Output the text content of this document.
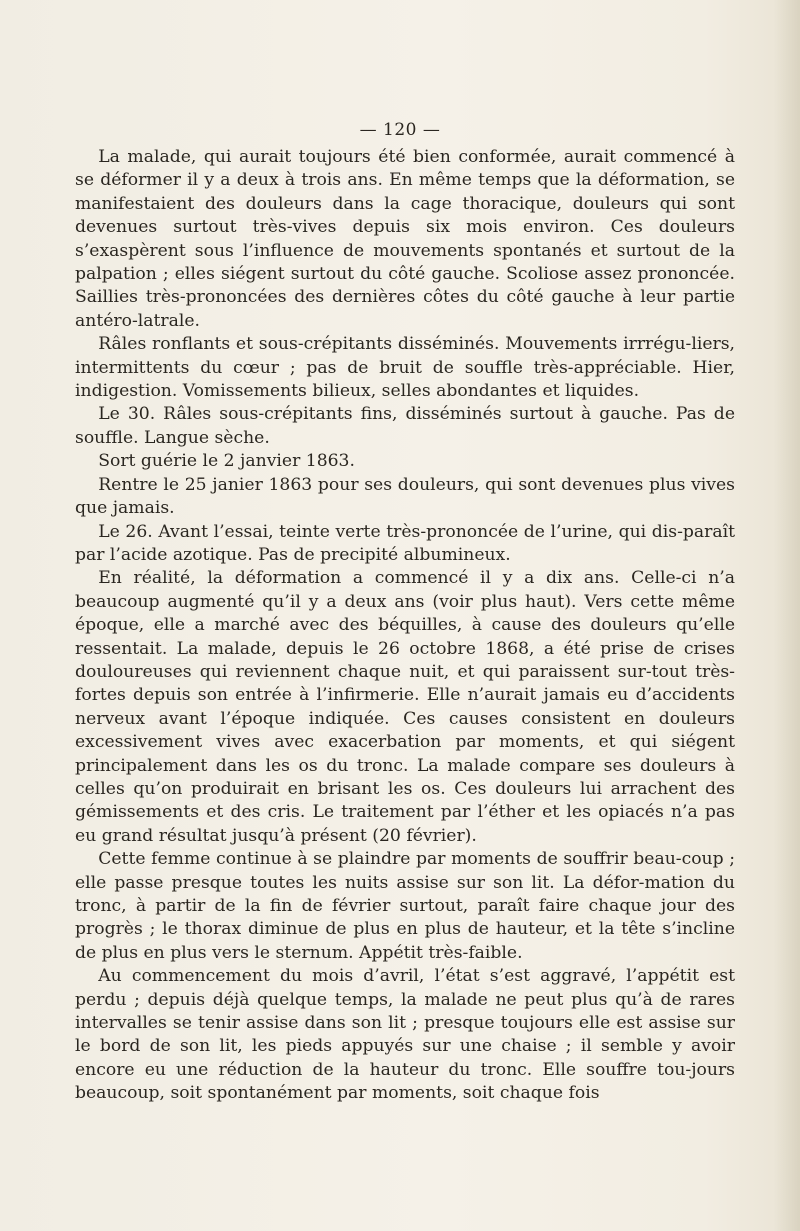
— 120 —

La malade, qui aurait toujours été bien conformée, aurait commencé à se déformer il y a deux à trois ans. En même temps que la déformation, se manifestaient des douleurs dans la cage thoracique, douleurs qui sont devenues surtout très-vives depuis six mois environ. Ces douleurs s’exaspèrent sous l’influence de mouvements spontanés et surtout de la palpation ; elles siégent surtout du côté gauche. Scoliose assez prononcée. Saillies très-prononcées des dernières côtes du côté gauche à leur partie antéro-latrale.

Râles ronflants et sous-crépitants disséminés. Mouvements irrrégu-liers, intermittents du cœur ; pas de bruit de souffle très-appréciable. Hier, indigestion. Vomissements bilieux, selles abondantes et liquides.

Le 30. Râles sous-crépitants fins, disséminés surtout à gauche. Pas de souffle. Langue sèche.

Sort guérie le 2 janvier 1863.

Rentre le 25 janier 1863 pour ses douleurs, qui sont devenues plus vives que jamais.

Le 26. Avant l’essai, teinte verte très-prononcée de l’urine, qui dis-paraît par l’acide azotique. Pas de precipité albumineux.

En réalité, la déformation a commencé il y a dix ans. Celle-ci n’a beaucoup augmenté qu’il y a deux ans (voir plus haut). Vers cette même époque, elle a marché avec des béquilles, à cause des douleurs qu’elle ressentait. La malade, depuis le 26 octobre 1868, a été prise de crises douloureuses qui reviennent chaque nuit, et qui paraissent sur-tout très-fortes depuis son entrée à l’infirmerie. Elle n’aurait jamais eu d’accidents nerveux avant l’époque indiquée. Ces causes consistent en douleurs excessivement vives avec exacerbation par moments, et qui siégent principalement dans les os du tronc. La malade compare ses douleurs à celles qu’on produirait en brisant les os. Ces douleurs lui arrachent des gémissements et des cris. Le traitement par l’éther et les opiacés n’a pas eu grand résultat jusqu’à présent (20 février).

Cette femme continue à se plaindre par moments de souffrir beau-coup ; elle passe presque toutes les nuits assise sur son lit. La défor-mation du tronc, à partir de la fin de février surtout, paraît faire chaque jour des progrès ; le thorax diminue de plus en plus de hauteur, et la tête s’incline de plus en plus vers le sternum. Appétit très-faible.

Au commencement du mois d’avril, l’état s’est aggravé, l’appétit est perdu ; depuis déjà quelque temps, la malade ne peut plus qu’à de rares intervalles se tenir assise dans son lit ; presque toujours elle est assise sur le bord de son lit, les pieds appuyés sur une chaise ; il semble y avoir encore eu une réduction de la hauteur du tronc. Elle souffre tou-jours beaucoup, soit spontanément par moments, soit chaque fois
